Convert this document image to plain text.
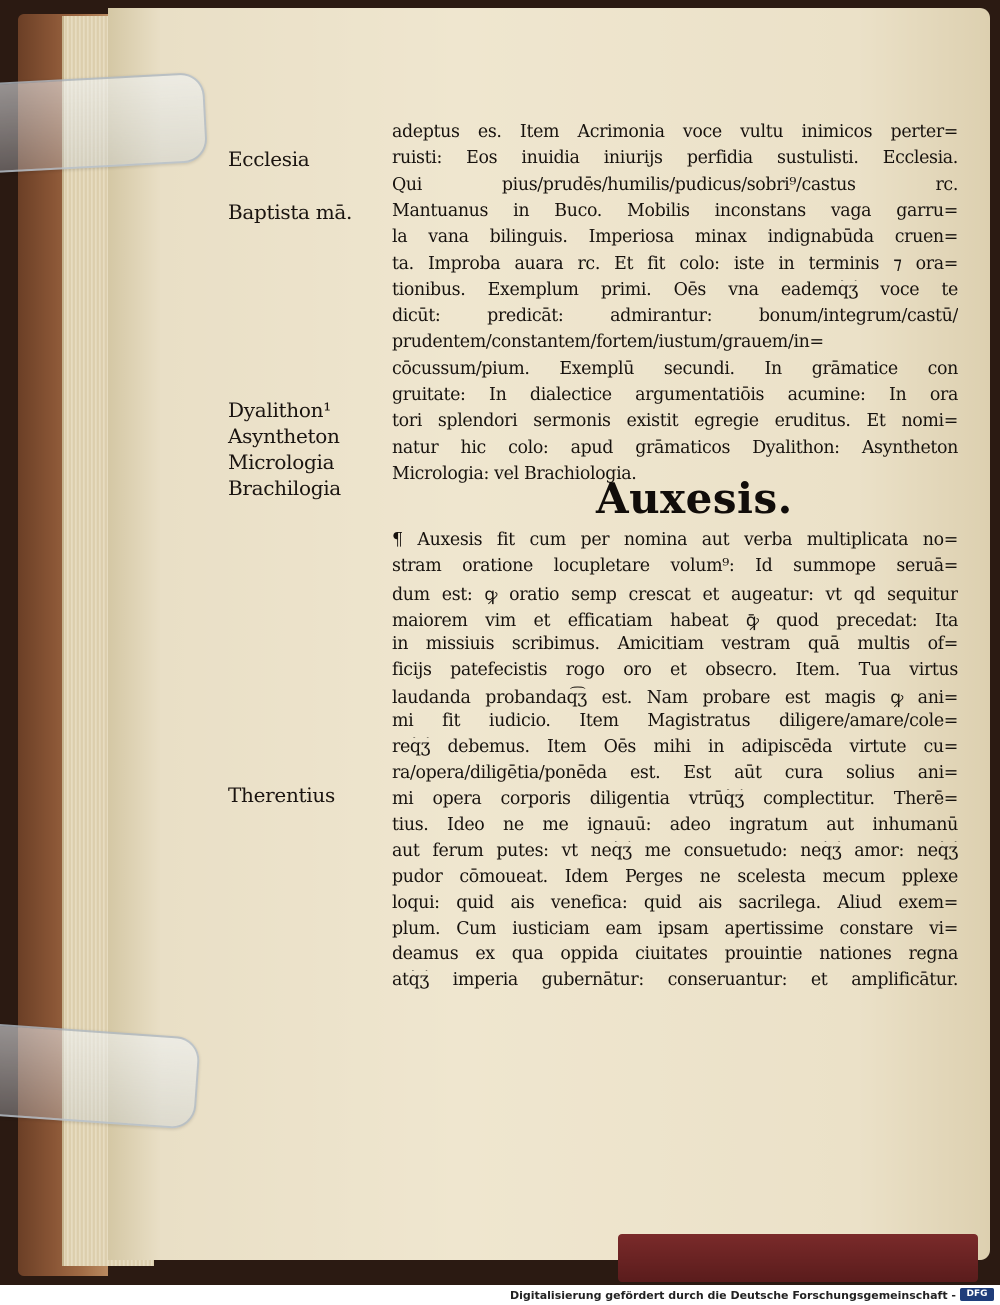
Ecclesia
Baptista mā.
Dyalithon¹
Asyntheton
Micrologia
Brachilogia
Therentius
adeptus es. Item Acrimonia voce vultu inimicos perter=
ruisti: Eos inuidia iniurijs perfidia sustulisti. Ecclesia.
Qui pius/prudēs/humilis/pudicus/sobri⁹/castus rc.
Mantuanus in Buco. Mobilis inconstans vaga garru=
la vana bilinguis. Imperiosa minax indignabūda cruen=
ta. Improba auara rc. Et fit colo: iste in terminis ⁊ ora=
tionibus. Exemplum primi. Oēs vna eademq͡ʒ voce te
dicūt: predicāt: admirantur: bonum/integrum/castū/
prudentem/constantem/fortem/iustum/grauem/in=
cōcussum/pium. Exemplū secundi. In grāmatice con
gruitate: In dialectice argumentatiōis acumine: In ora
tori splendori sermonis existit egregie eruditus. Et nomi=
natur hic colo: apud grāmaticos Dyalithon: Asyntheton
Micrologia: vel Brachiologia.
Auxesis.
¶ Auxesis fit cum per nomina aut verba multiplicata no=
stram oratione locupletare volum⁹: Id summope seruā=
dum est: ꝙ oratio semp crescat et augeatur: vt qd sequitur
maiorem vim et efficatiam habeat ꝙ̄ quod precedat: Ita
in missiuis scribimus. Amicitiam vestram quā multis of=
ficijs patefecistis rogo oro et obsecro. Item. Tua virtus
laudanda probandaq͡ʒ est. Nam probare est magis ꝙ ani=
mi fit iudicio. Item Magistratus diligere/amare/cole=
req͡ʒ debemus. Item Oēs mihi in adipiscēda virtute cu=
ra/opera/diligētia/ponēda est. Est aūt cura solius ani=
mi opera corporis diligentia vtrūq͡ʒ complectitur. Therē=
tius. Ideo ne me ignauū: adeo ingratum aut inhumanū
aut ferum putes: vt neq͡ʒ me consuetudo: neq͡ʒ amor: neq͡ʒ
pudor cōmoueat. Idem Perges ne scelesta mecum pplexe
loqui: quid ais venefica: quid ais sacrilega. Aliud exem=
plum. Cum iusticiam eam ipsam apertissime constare vi=
deamus ex qua oppida ciuitates prouintie nationes regna
atq͡ʒ imperia gubernātur: conseruantur: et amplificātur.
Digitalisierung gefördert durch die Deutsche Forschungsgemeinschaft -	DFG
